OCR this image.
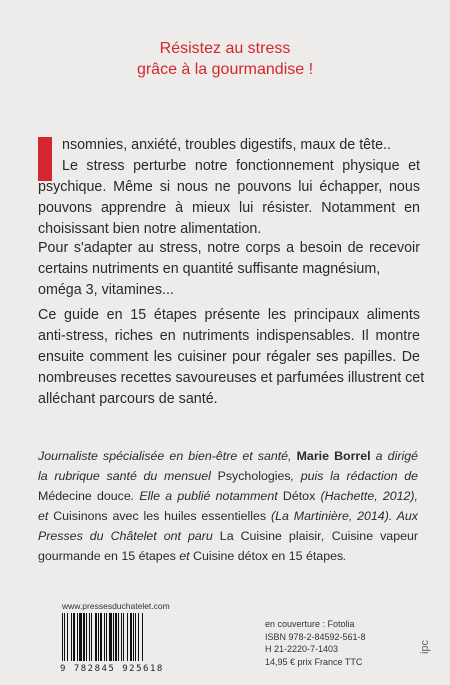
Résistez au stress
grâce à la gourmandise !
nsomnies, anxiété, troubles digestifs, maux de tête..
Le stress perturbe notre fonctionnement physique et
psychique. Même si nous ne pouvons lui échapper, nous
pouvons apprendre à mieux lui résister. Notamment en
choisissant bien notre alimentation.
Pour s'adapter au stress, notre corps a besoin de recevoir
certains nutriments en quantité suffisante magnésium,
oméga 3, vitamines...
Ce guide en 15 étapes présente les principaux aliments
anti-stress, riches en nutriments indispensables. Il montre
ensuite comment les cuisiner pour régaler ses papilles. De
nombreuses recettes savoureuses et parfumées illustrent cet
alléchant parcours de santé.
Journaliste spécialisée en bien-être et santé, Marie Borrel a dirigé
la rubrique santé du mensuel Psychologies, puis la rédaction de
Médecine douce. Elle a publié notamment Détox (Hachette, 2012),
et Cuisinons avec les huiles essentielles (La Martinière, 2014). Aux
Presses du Châtelet ont paru La Cuisine plaisir, Cuisine vapeur
gourmande en 15 étapes et Cuisine détox en 15 étapes.
www.pressesduchatelet.com
9 782845 925618
en couverture : Fotolia
ISBN 978-2-84592-561-8
H 21-2220-7-1403
14,95 € prix France TTC
ipc
